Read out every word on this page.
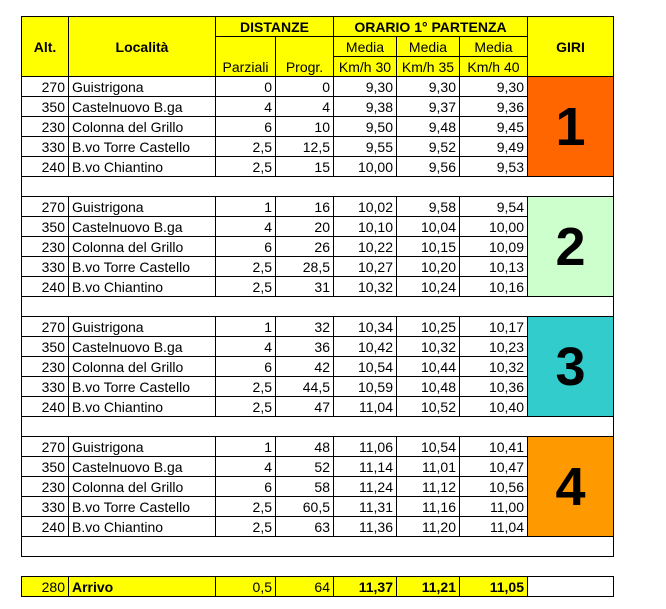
Alt.	Località	DISTANZE		ORARIO 1° PARTENZA			GIRI
		Parziali	Progr.	Media	Media	Media	
				Km/h 30	Km/h 35	Km/h 40	
270	Guistrigona	0	0	9,30	9,30	9,30	1
350	Castelnuovo B.ga	4	4	9,38	9,37	9,36	
230	Colonna del Grillo	6	10	9,50	9,48	9,45	
330	B.vo Torre Castello	2,5	12,5	9,55	9,52	9,49	
240	B.vo Chiantino	2,5	15	10,00	9,56	9,53	

270	Guistrigona	1	16	10,02	9,58	9,54	2
350	Castelnuovo B.ga	4	20	10,10	10,04	10,00	
230	Colonna del Grillo	6	26	10,22	10,15	10,09	
330	B.vo Torre Castello	2,5	28,5	10,27	10,20	10,13	
240	B.vo Chiantino	2,5	31	10,32	10,24	10,16	

270	Guistrigona	1	32	10,34	10,25	10,17	3
350	Castelnuovo B.ga	4	36	10,42	10,32	10,23	
230	Colonna del Grillo	6	42	10,54	10,44	10,32	
330	B.vo Torre Castello	2,5	44,5	10,59	10,48	10,36	
240	B.vo Chiantino	2,5	47	11,04	10,52	10,40	

270	Guistrigona	1	48	11,06	10,54	10,41	4
350	Castelnuovo B.ga	4	52	11,14	11,01	10,47	
230	Colonna del Grillo	6	58	11,24	11,12	10,56	
330	B.vo Torre Castello	2,5	60,5	11,31	11,16	11,00	
240	B.vo Chiantino	2,5	63	11,36	11,20	11,04	

280	Arrivo	0,5	64	11,37	11,21	11,05	
